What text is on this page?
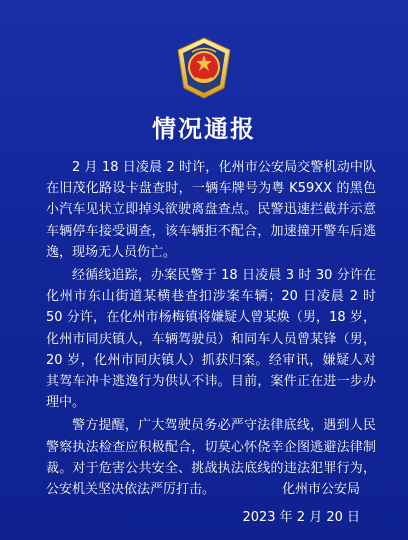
情况通报

2 月 18 日凌晨 2 时许，化州市公安局交警机动中队在旧茂化路设卡盘查时，一辆车牌号为粤 K59XX 的黑色小汽车见状立即掉头欲驶离盘查点。民警迅速拦截并示意车辆停车接受调查，该车辆拒不配合，加速撞开警车后逃逸，现场无人员伤亡。

经循线追踪，办案民警于 18 日凌晨 3 时 30 分许在化州市东山街道某横巷查扣涉案车辆；20 日凌晨 2 时 50 分许，在化州市杨梅镇将嫌疑人曾某焕（男，18 岁，化州市同庆镇人，车辆驾驶员）和同车人员曾某锋（男，20 岁，化州市同庆镇人）抓获归案。经审讯，嫌疑人对其驾车冲卡逃逸行为供认不讳。目前，案件正在进一步办理中。

警方提醒，广大驾驶员务必严守法律底线，遇到人民警察执法检查应积极配合，切莫心怀侥幸企图逃避法律制裁。对于危害公共安全、挑战执法底线的违法犯罪行为，公安机关坚决依法严厉打击。	化州市公安局
2023 年 2 月 20 日
